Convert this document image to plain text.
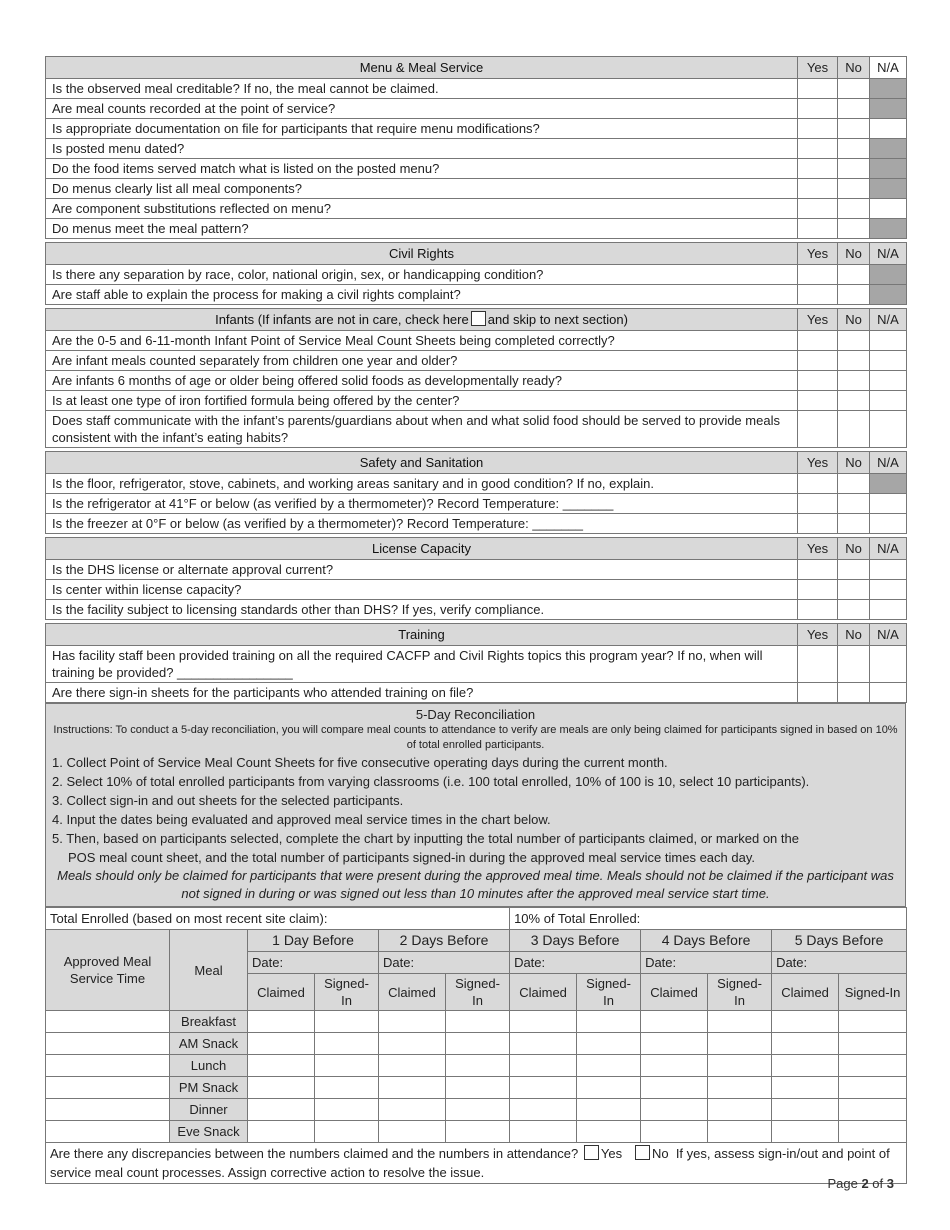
Menu & Meal Service	Yes	No	N/A
Is the observed meal creditable? If no, the meal cannot be claimed.			
Are meal counts recorded at the point of service?			
Is appropriate documentation on file for participants that require menu modifications?			
Is posted menu dated?			
Do the food items served match what is listed on the posted menu?			
Do menus clearly list all meal components?			
Are component substitutions reflected on menu?			
Do menus meet the meal pattern?			
Civil Rights	Yes	No	N/A
Is there any separation by race, color, national origin, sex, or handicapping condition?			
Are staff able to explain the process for making a civil rights complaint?			
Infants (If infants are not in care, check here and skip to next section)	Yes	No	N/A
Are the 0-5 and 6-11-month Infant Point of Service Meal Count Sheets being completed correctly?			
Are infant meals counted separately from children one year and older?			
Are infants 6 months of age or older being offered solid foods as developmentally ready?			
Is at least one type of iron fortified formula being offered by the center?			
Does staff communicate with the infant’s parents/guardians about when and what solid food should be served to provide meals consistent with the infant’s eating habits?			
Safety and Sanitation	Yes	No	N/A
Is the floor, refrigerator, stove, cabinets, and working areas sanitary and in good condition? If no, explain.			
Is the refrigerator at 41°F or below (as verified by a thermometer)? Record Temperature: _______			
Is the freezer at 0°F or below (as verified by a thermometer)? Record Temperature: _______			
License Capacity	Yes	No	N/A
Is the DHS license or alternate approval current?			
Is center within license capacity?			
Is the facility subject to licensing standards other than DHS? If yes, verify compliance.			
Training	Yes	No	N/A
Has facility staff been provided training on all the required CACFP and Civil Rights topics this program year? If no, when will training be provided? ________________			
Are there sign-in sheets for the participants who attended training on file?			
5-Day Reconciliation
Instructions: To conduct a 5-day reconciliation, you will compare meal counts to attendance to verify are meals are only being claimed for participants signed in based on 10% of total enrolled participants.
1. Collect Point of Service Meal Count Sheets for five consecutive operating days during the current month.
2. Select 10% of total enrolled participants from varying classrooms (i.e. 100 total enrolled, 10% of 100 is 10, select 10 participants).
3. Collect sign-in and out sheets for the selected participants.
4. Input the dates being evaluated and approved meal service times in the chart below.
5. Then, based on participants selected, complete the chart by inputting the total number of participants claimed, or marked on the
POS meal count sheet, and the total number of participants signed-in during the approved meal service times each day.
Meals should only be claimed for participants that were present during the approved meal time. Meals should not be claimed if the participant was not signed in during or was signed out less than 10 minutes after the approved meal service start time.
Total Enrolled (based on most recent site claim):						10% of Total Enrolled:					
Approved Meal Service Time	Meal	1 Day Before		2 Days Before		3 Days Before		4 Days Before		5 Days Before	
		Date:		Date:		Date:		Date:		Date:	
		Claimed	Signed-In	Claimed	Signed-In	Claimed	Signed-In	Claimed	Signed-In	Claimed	Signed-In
	Breakfast										
	AM Snack										
	Lunch										
	PM Snack										
	Dinner										
	Eve Snack										
Are there any discrepancies between the numbers claimed and the numbers in attendance? Yes No If yes, assess sign-in/out and point of service meal count processes. Assign corrective action to resolve the issue.											
Page 2 of 3
